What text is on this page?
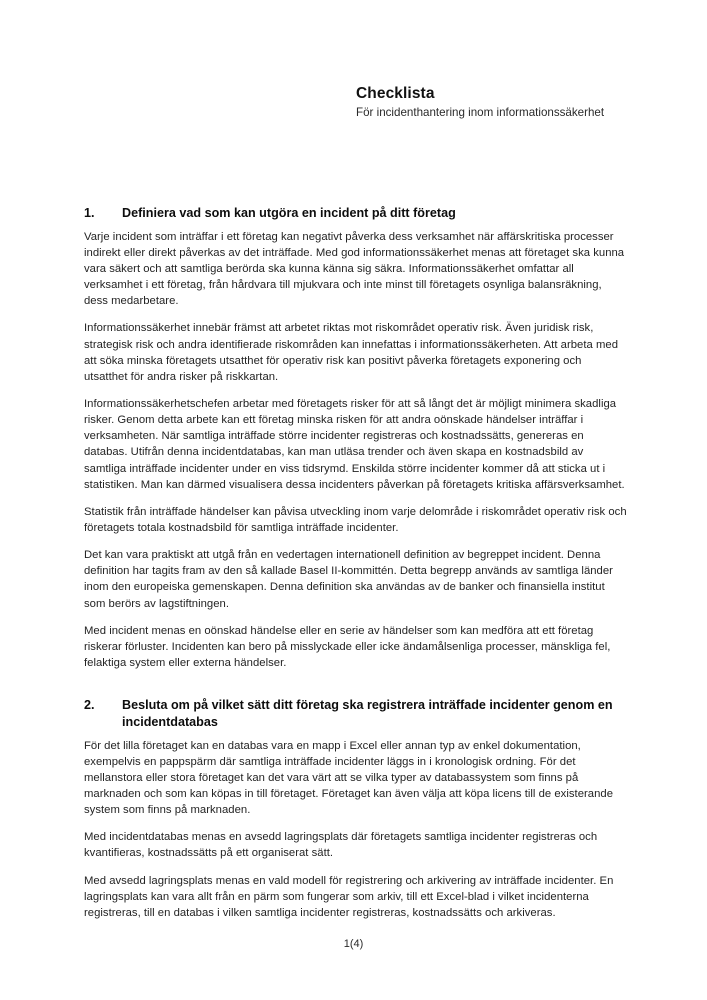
Checklista
För incidenthantering inom informationssäkerhet
1.	Definiera vad som kan utgöra en incident på ditt företag

Varje incident som inträffar i ett företag kan negativt påverka dess verksamhet när affärskritiska processer indirekt eller direkt påverkas av det inträffade. Med god informationssäkerhet menas att företaget ska kunna vara säkert och att samtliga berörda ska kunna känna sig säkra. Informationssäkerhet omfattar all verksamhet i ett företag, från hårdvara till mjukvara och inte minst till företagets osynliga balansräkning, dess medarbetare.

Informationssäkerhet innebär främst att arbetet riktas mot riskområdet operativ risk. Även juridisk risk, strategisk risk och andra identifierade riskområden kan innefattas i informationssäkerheten. Att arbeta med att söka minska företagets utsatthet för operativ risk kan positivt påverka företagets exponering och utsatthet för andra risker på riskkartan.

Informationssäkerhetschefen arbetar med företagets risker för att så långt det är möjligt minimera skadliga risker. Genom detta arbete kan ett företag minska risken för att andra oönskade händelser inträffar i verksamheten. När samtliga inträffade större incidenter registreras och kostnadssätts, genereras en databas. Utifrån denna incidentdatabas, kan man utläsa trender och även skapa en kostnadsbild av samtliga inträffade incidenter under en viss tidsrymd. Enskilda större incidenter kommer då att sticka ut i statistiken. Man kan därmed visualisera dessa incidenters påverkan på företagets kritiska affärsverksamhet.

Statistik från inträffade händelser kan påvisa utveckling inom varje delområde i riskområdet operativ risk och företagets totala kostnadsbild för samtliga inträffade incidenter.

Det kan vara praktiskt att utgå från en vedertagen internationell definition av begreppet incident. Denna definition har tagits fram av den så kallade Basel II-kommittén. Detta begrepp används av samtliga länder inom den europeiska gemenskapen. Denna definition ska användas av de banker och finansiella institut som berörs av lagstiftningen.

Med incident menas en oönskad händelse eller en serie av händelser som kan medföra att ett företag riskerar förluster. Incidenten kan bero på misslyckade eller icke ändamålsenliga processer, mänskliga fel, felaktiga system eller externa händelser.

2.	Besluta om på vilket sätt ditt företag ska registrera inträffade incidenter genom en incidentdatabas

För det lilla företaget kan en databas vara en mapp i Excel eller annan typ av enkel dokumentation, exempelvis en pappspärm där samtliga inträffade incidenter läggs in i kronologisk ordning. För det mellanstora eller stora företaget kan det vara värt att se vilka typer av databassystem som finns på marknaden och som kan köpas in till företaget. Företaget kan även välja att köpa licens till de existerande system som finns på marknaden.

Med incidentdatabas menas en avsedd lagringsplats där företagets samtliga incidenter registreras och kvantifieras, kostnadssätts på ett organiserat sätt.

Med avsedd lagringsplats menas en vald modell för registrering och arkivering av inträffade incidenter. En lagringsplats kan vara allt från en pärm som fungerar som arkiv, till ett Excel-blad i vilket incidenterna registreras, till en databas i vilken samtliga incidenter registreras, kostnadssätts och arkiveras.

1(4)
